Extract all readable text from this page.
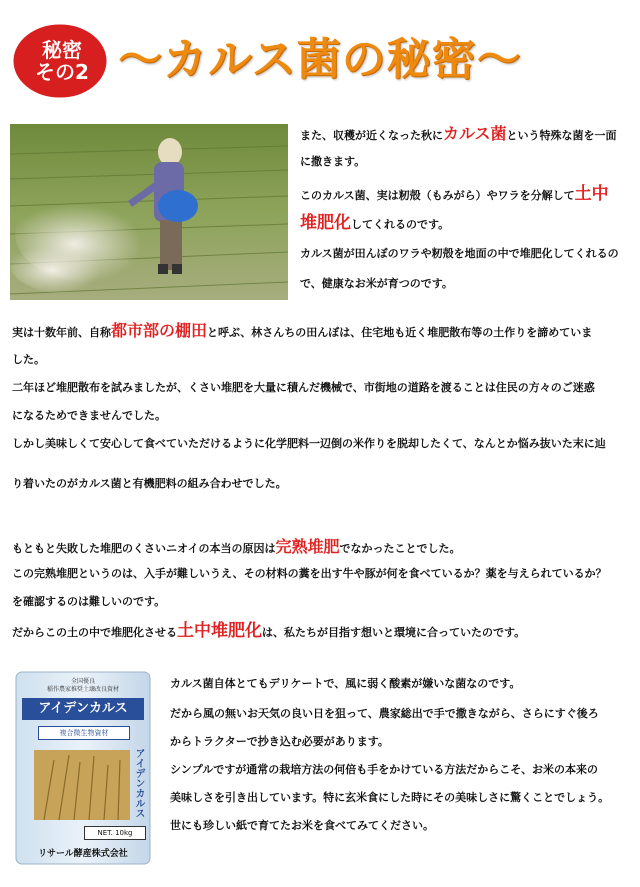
秘密
その2 ～カルス菌の秘密～

また、収穫が近くなった秋にカルス菌という特殊な菌を一面

に撒きます。

このカルス菌、実は籾殻（もみがら）やワラを分解して土中

堆肥化してくれるのです。

カルス菌が田んぼのワラや籾殻を地面の中で堆肥化してくれるの

で、健康なお米が育つのです。

実は十数年前、自称都市部の棚田と呼ぶ、林さんちの田んぼは、住宅地も近く堆肥散布等の土作りを諦めていま

した。

二年ほど堆肥散布を試みましたが、くさい堆肥を大量に積んだ機械で、市街地の道路を渡ることは住民の方々のご迷惑

になるためできませんでした。

しかし美味しくて安心して食べていただけるように化学肥料一辺倒の米作りを脱却したくて、なんとか悩み抜いた末に辿

り着いたのがカルス菌と有機肥料の組み合わせでした。

もともと失敗した堆肥のくさいニオイの本当の原因は完熟堆肥でなかったことでした。

この完熟堆肥というのは、入手が難しいうえ、その材料の糞を出す牛や豚が何を食べているか？薬を与えられているか？

を確認するのは難しいのです。

だからこの土の中で堆肥化させる土中堆肥化は、私たちが目指す想いと環境に合っていたのです。

全国優良
稲作農家推奨土壌改良資材
アイデンカルス
複合微生物資材
アイデンカルス
NET. 10kg
リサール酵産株式会社

カルス菌自体とてもデリケートで、風に弱く酸素が嫌いな菌なのです。

だから風の無いお天気の良い日を狙って、農家総出で手で撒きながら、さらにすぐ後ろ

からトラクターで抄き込む必要があります。

シンプルですが通常の栽培方法の何倍も手をかけている方法だからこそ、お米の本来の

美味しさを引き出しています。特に玄米食にした時にその美味しさに驚くことでしょう。

世にも珍しい紙で育てたお米を食べてみてください。
